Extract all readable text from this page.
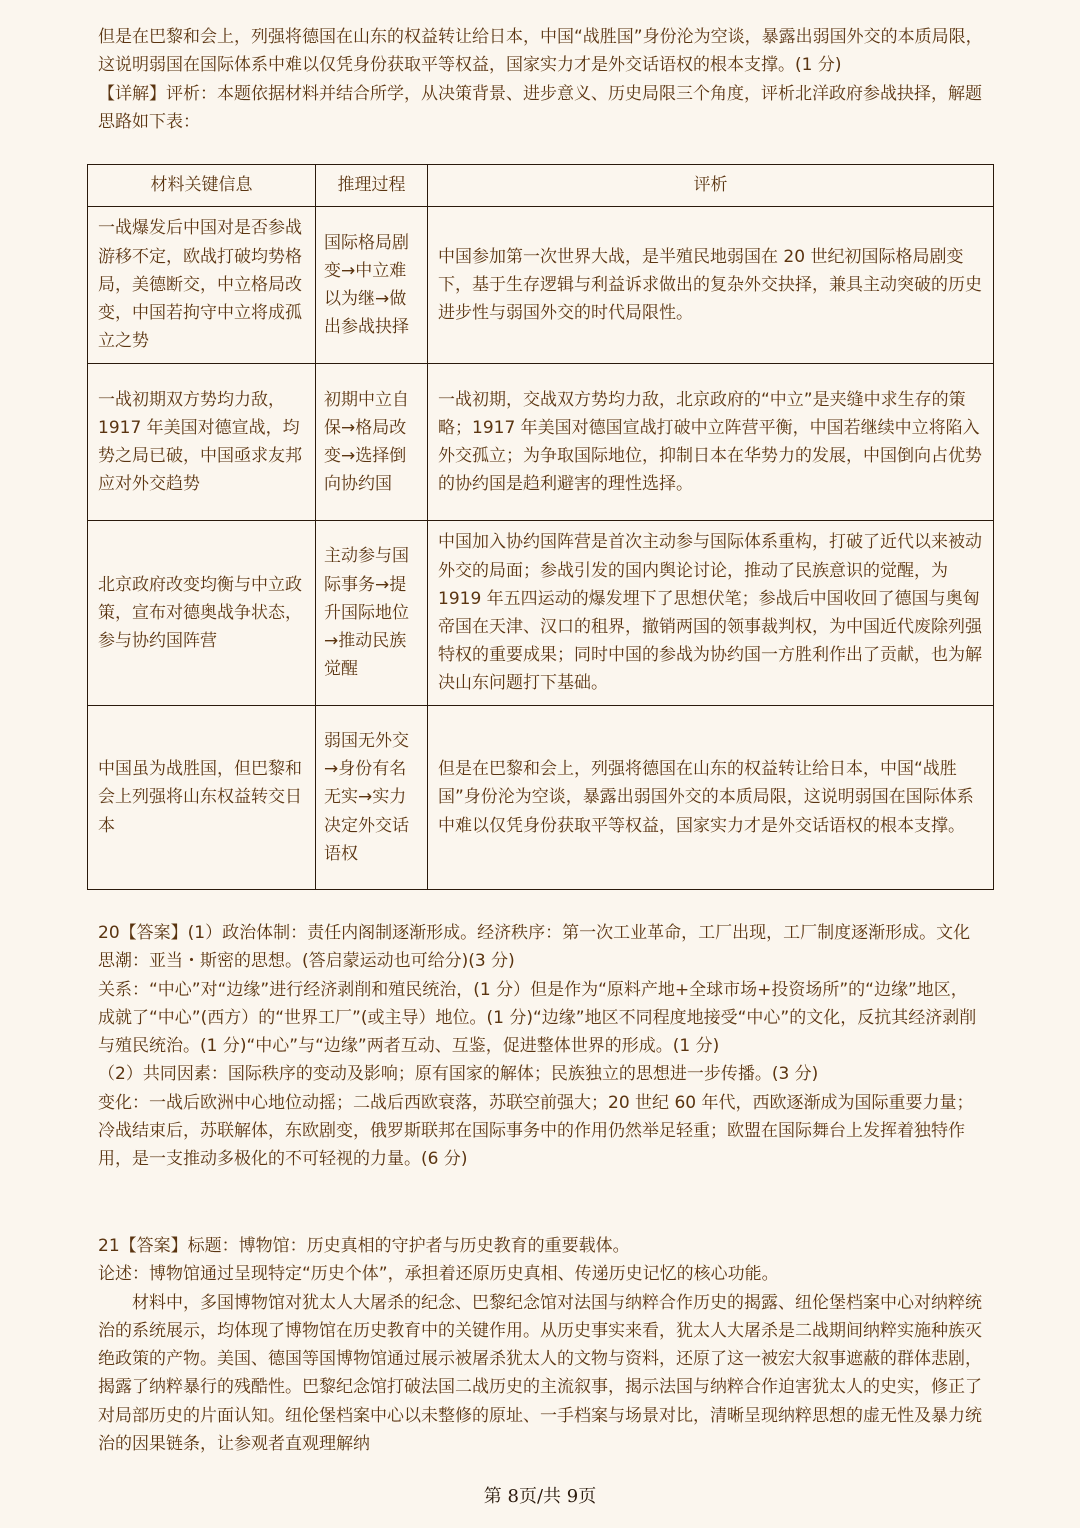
但是在巴黎和会上，列强将德国在山东的权益转让给日本，中国“战胜国”身份沦为空谈，暴露出弱国外交的本质局限，这说明弱国在国际体系中难以仅凭身份获取平等权益，国家实力才是外交话语权的根本支撑。(1 分)

【详解】评析：本题依据材料并结合所学，从决策背景、进步意义、历史局限三个角度，评析北洋政府参战抉择，解题思路如下表：

材料关键信息	推理过程	评析
一战爆发后中国对是否参战游移不定，欧战打破均势格局，美德断交，中立格局改变，中国若拘守中立将成孤立之势	国际格局剧变→中立难以为继→做出参战抉择	中国参加第一次世界大战，是半殖民地弱国在 20 世纪初国际格局剧变下，基于生存逻辑与利益诉求做出的复杂外交抉择，兼具主动突破的历史进步性与弱国外交的时代局限性。
一战初期双方势均力敌，1917 年美国对德宣战，均势之局已破，中国亟求友邦应对外交趋势	初期中立自保→格局改变→选择倒向协约国	一战初期，交战双方势均力敌，北京政府的“中立”是夹缝中求生存的策略；1917 年美国对德国宣战打破中立阵营平衡，中国若继续中立将陷入外交孤立；为争取国际地位，抑制日本在华势力的发展，中国倒向占优势的协约国是趋利避害的理性选择。
北京政府改变均衡与中立政策，宣布对德奥战争状态，参与协约国阵营	主动参与国际事务→提升国际地位→推动民族觉醒	中国加入协约国阵营是首次主动参与国际体系重构，打破了近代以来被动外交的局面；参战引发的国内舆论讨论，推动了民族意识的觉醒，为 1919 年五四运动的爆发埋下了思想伏笔；参战后中国收回了德国与奥匈帝国在天津、汉口的租界，撤销两国的领事裁判权，为中国近代废除列强特权的重要成果；同时中国的参战为协约国一方胜利作出了贡献，也为解决山东问题打下基础。
中国虽为战胜国，但巴黎和会上列强将山东权益转交日本	弱国无外交→身份有名无实→实力决定外交话语权	但是在巴黎和会上，列强将德国在山东的权益转让给日本，中国“战胜国”身份沦为空谈，暴露出弱国外交的本质局限，这说明弱国在国际体系中难以仅凭身份获取平等权益，国家实力才是外交话语权的根本支撑。

20【答案】(1）政治体制：责任内阁制逐渐形成。经济秩序：第一次工业革命，工厂出现，工厂制度逐渐形成。文化思潮：亚当・斯密的思想。(答启蒙运动也可给分)(3 分)

关系：“中心”对“边缘”进行经济剥削和殖民统治，(1 分）但是作为“原料产地+全球市场+投资场所”的“边缘”地区，成就了“中心”(西方）的“世界工厂”(或主导）地位。(1 分)“边缘”地区不同程度地接受“中心”的文化，反抗其经济剥削与殖民统治。(1 分)“中心”与“边缘”两者互动、互鉴，促进整体世界的形成。(1 分)

（2）共同因素：国际秩序的变动及影响；原有国家的解体；民族独立的思想进一步传播。(3 分)

变化：一战后欧洲中心地位动摇；二战后西欧衰落，苏联空前强大；20 世纪 60 年代，西欧逐渐成为国际重要力量；冷战结束后，苏联解体，东欧剧变，俄罗斯联邦在国际事务中的作用仍然举足轻重；欧盟在国际舞台上发挥着独特作用，是一支推动多极化的不可轻视的力量。(6 分)

21【答案】标题：博物馆：历史真相的守护者与历史教育的重要载体。

论述：博物馆通过呈现特定“历史个体”，承担着还原历史真相、传递历史记忆的核心功能。

材料中，多国博物馆对犹太人大屠杀的纪念、巴黎纪念馆对法国与纳粹合作历史的揭露、纽伦堡档案中心对纳粹统治的系统展示，均体现了博物馆在历史教育中的关键作用。从历史事实来看，犹太人大屠杀是二战期间纳粹实施种族灭绝政策的产物。美国、德国等国博物馆通过展示被屠杀犹太人的文物与资料，还原了这一被宏大叙事遮蔽的群体悲剧，揭露了纳粹暴行的残酷性。巴黎纪念馆打破法国二战历史的主流叙事，揭示法国与纳粹合作迫害犹太人的史实，修正了对局部历史的片面认知。纽伦堡档案中心以未整修的原址、一手档案与场景对比，清晰呈现纳粹思想的虚无性及暴力统治的因果链条，让参观者直观理解纳

第 8页/共 9页
